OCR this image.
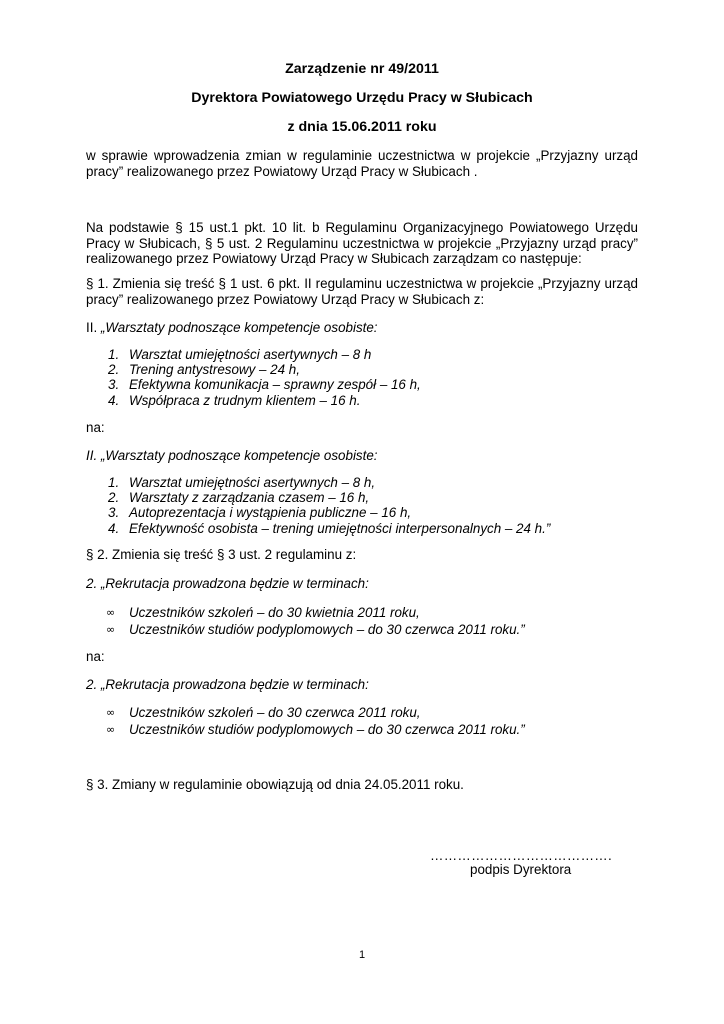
Zarządzenie nr 49/2011

Dyrektora Powiatowego Urzędu Pracy w Słubicach

z dnia 15.06.2011 roku

w sprawie wprowadzenia zmian w regulaminie uczestnictwa w projekcie „Przyjazny urząd pracy” realizowanego przez Powiatowy Urząd Pracy w Słubicach .

Na podstawie § 15 ust.1 pkt. 10 lit. b Regulaminu Organizacyjnego Powiatowego Urzędu Pracy w Słubicach, § 5 ust. 2 Regulaminu uczestnictwa w projekcie „Przyjazny urząd pracy” realizowanego przez Powiatowy Urząd Pracy w Słubicach zarządzam co następuje:

§ 1. Zmienia się treść § 1 ust. 6 pkt. II regulaminu uczestnictwa w projekcie „Przyjazny urząd pracy” realizowanego przez Powiatowy Urząd Pracy w Słubicach z:

II. „Warsztaty podnoszące kompetencje osobiste:

1. Warsztat umiejętności asertywnych – 8 h
2. Trening antystresowy – 24 h,
3. Efektywna komunikacja – sprawny zespół – 16 h,
4. Współpraca z trudnym klientem – 16 h.

na:

II. „Warsztaty podnoszące kompetencje osobiste:

1. Warsztat umiejętności asertywnych – 8 h,
2. Warsztaty z zarządzania czasem – 16 h,
3. Autoprezentacja i wystąpienia publiczne – 16 h,
4. Efektywność osobista – trening umiejętności interpersonalnych – 24 h.”

§ 2. Zmienia się treść § 3 ust. 2 regulaminu z:

2. „Rekrutacja prowadzona będzie w terminach:

∞ Uczestników szkoleń – do 30 kwietnia 2011 roku,
∞ Uczestników studiów podyplomowych – do 30 czerwca 2011 roku.”

na:

2. „Rekrutacja prowadzona będzie w terminach:

∞ Uczestników szkoleń – do 30 czerwca 2011 roku,
∞ Uczestników studiów podyplomowych – do 30 czerwca 2011 roku.”

§ 3. Zmiany w regulaminie obowiązują od dnia 24.05.2011 roku.

………………………………….
podpis Dyrektora
1
